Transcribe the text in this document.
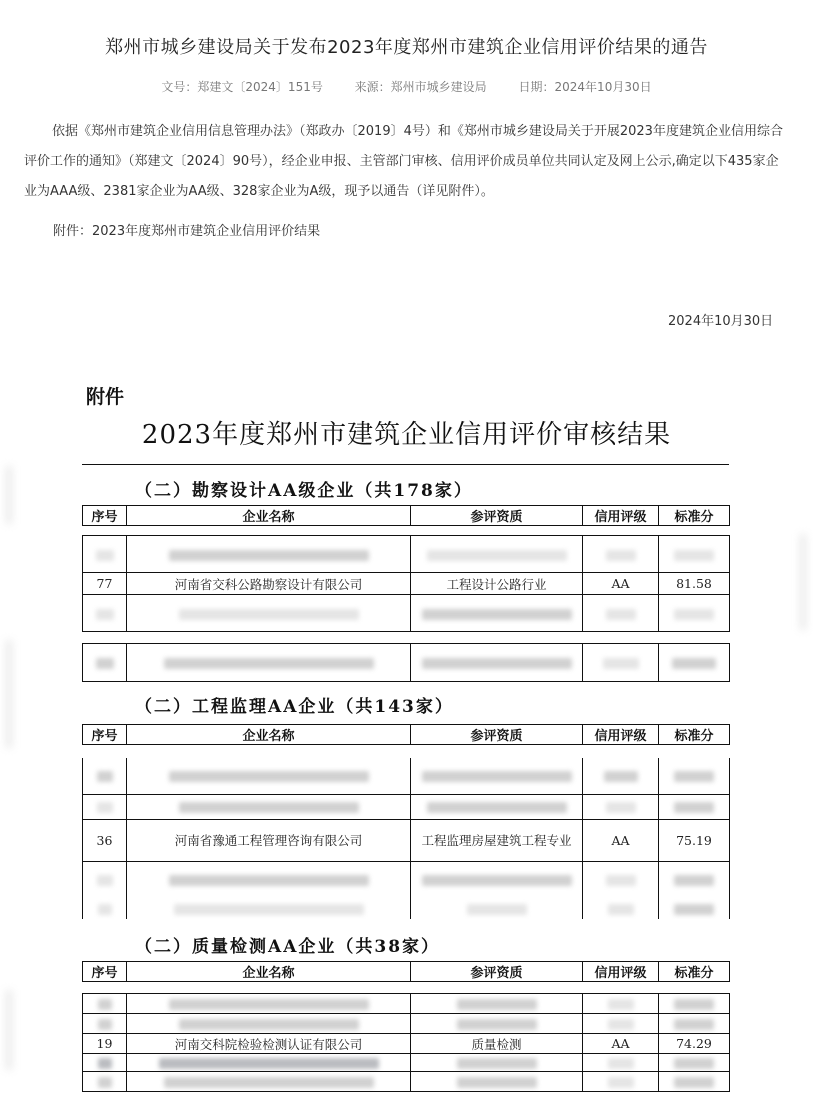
郑州市城乡建设局关于发布2023年度郑州市建筑企业信用评价结果的通告
文号：郑建文〔2024〕151号	来源：郑州市城乡建设局	日期：2024年10月30日
依据《郑州市建筑企业信用信息管理办法》（郑政办〔2019〕4号）和《郑州市城乡建设局关于开展2023年度建筑企业信用综合评价工作的通知》（郑建文〔2024〕90号），经企业申报、主管部门审核、信用评价成员单位共同认定及网上公示,确定以下435家企业为AAA级、2381家企业为AA级、328家企业为A级，现予以通告（详见附件）。
附件：2023年度郑州市建筑企业信用评价结果
2024年10月30日
附件
2023年度郑州市建筑企业信用评价审核结果
（二）勘察设计AA级企业（共178家）
序号	企业名称	参评资质	信用评级	标准分

77	河南省交科公路勘察设计有限公司	工程设计公路行业	AA	81.58

（二）工程监理AA企业（共143家）
序号	企业名称	参评资质	信用评级	标准分

36	河南省豫通工程管理咨询有限公司	工程监理房屋建筑工程专业	AA	75.19

（二）质量检测AA企业（共38家）
序号	企业名称	参评资质	信用评级	标准分

19	河南交科院检验检测认证有限公司	质量检测	AA	74.29
